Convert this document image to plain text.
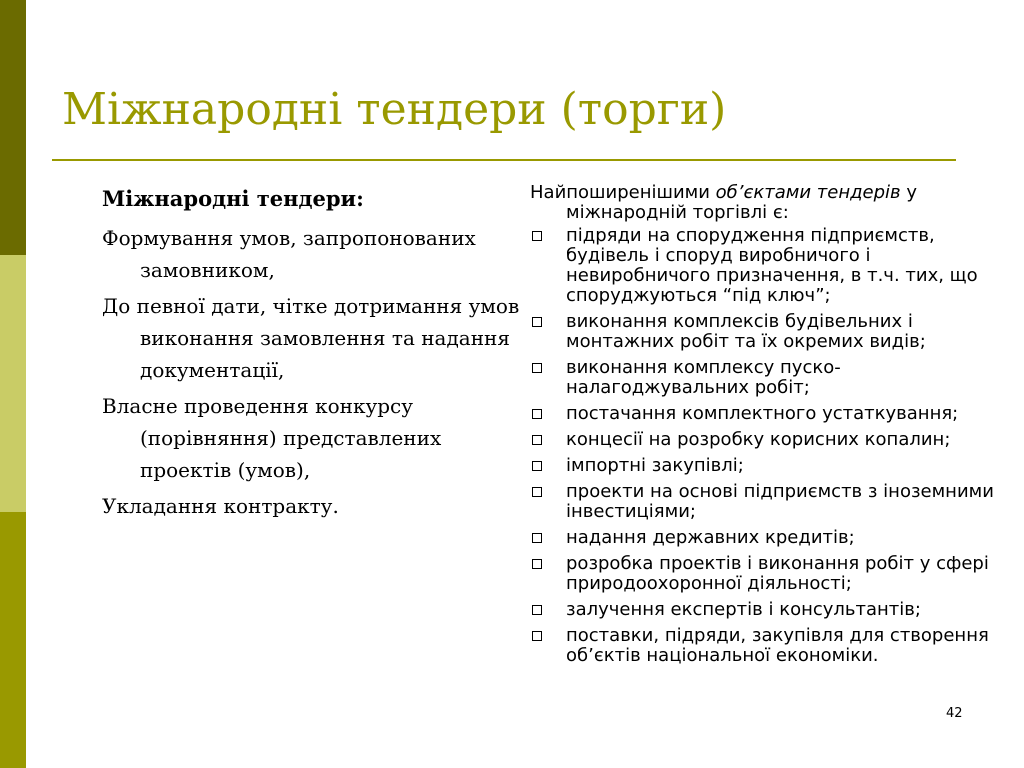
Міжнародні тендери (торги)
Міжнародні тендери:
Формування умов, запропонованих замовником,
До певної дати, чітке дотримання умов виконання замовлення та надання документації,
Власне проведення конкурсу (порівняння) представлених проектів (умов),
Укладання контракту.

Найпоширенішими об’єктами тендерів у міжнародній торгівлі є:

підряди на спорудження підприємств, будівель і споруд виробничого і невиробничого призначення, в т.ч. тих, що споруджуються “під ключ”;
виконання комплексів будівельних і монтажних робіт та їх окремих видів;
виконання комплексу пуско-налагоджувальних робіт;
постачання комплектного устаткування;
концесії на розробку корисних копалин;
імпортні закупівлі;
проекти на основі підприємств з іноземними інвестиціями;
надання державних кредитів;
розробка проектів і виконання робіт у сфері природоохоронної діяльності;
залучення експертів і консультантів;
поставки, підряди, закупівля для створення об’єктів національної економіки.
42
